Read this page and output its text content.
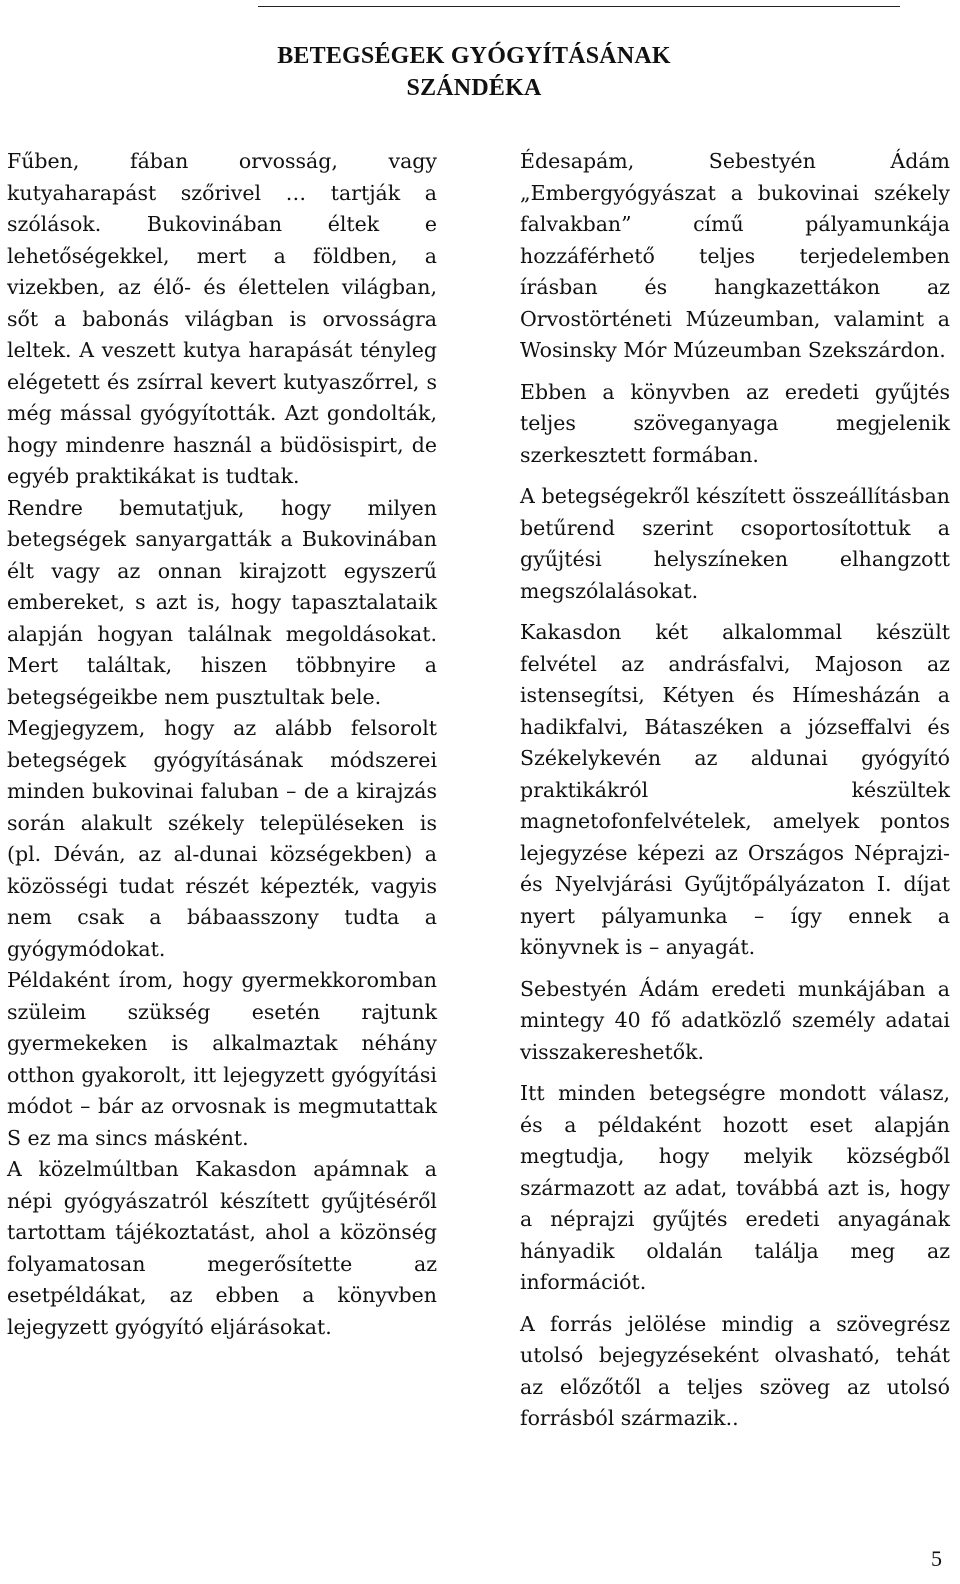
BETEGSÉGEK GYÓGYÍTÁSÁNAK
SZÁNDÉKA

Fűben, fában orvosság, vagy kutyaharapást szőrivel … tartják a szólások. Bukovinában éltek e lehetőségekkel, mert a földben, a vizekben, az élő- és élettelen világban, sőt a babonás világban is orvosságra leltek. A veszett kutya harapását tényleg elégetett és zsírral kevert kutyaszőrrel, s még mással gyógyították. Azt gondolták, hogy mindenre használ a büdösispirt, de egyéb praktikákat is tudtak.

Rendre bemutatjuk, hogy milyen betegségek sanyargatták a Bukovinában élt vagy az onnan kirajzott egyszerű embereket, s azt is, hogy tapasztalataik alapján hogyan találnak megoldásokat. Mert találtak, hiszen többnyire a betegségeikbe nem pusztultak bele.

Megjegyzem, hogy az alább felsorolt betegségek gyógyításának módszerei minden bukovinai faluban – de a kirajzás során alakult székely településeken is (pl. Déván, az al-dunai községekben) a közösségi tudat részét képezték, vagyis nem csak a bábaasszony tudta a gyógymódokat.

Példaként írom, hogy gyermekkoromban szüleim szükség esetén rajtunk gyermekeken is alkalmaztak néhány otthon gyakorolt, itt lejegyzett gyógyítási módot – bár az orvosnak is megmutattak S ez ma sincs másként.

A közelmúltban Kakasdon apámnak a népi gyógyászatról készített gyűjtéséről tartottam tájékoztatást, ahol a közönség folyamatosan megerősítette az esetpéldákat, az ebben a könyvben lejegyzett gyógyító eljárásokat.

Édesapám, Sebestyén Ádám „Embergyógyászat a bukovinai székely falvakban” című pályamunkája hozzáférhető teljes terjedelemben írásban és hangkazettákon az Orvostörténeti Múzeumban, valamint a Wosinsky Mór Múzeumban Szekszárdon.

Ebben a könyvben az eredeti gyűjtés teljes szöveganyaga megjelenik szerkesztett formában.

A betegségekről készített összeállításban betűrend szerint csoportosítottuk a gyűjtési helyszíneken elhangzott megszólalásokat.

Kakasdon két alkalommal készült felvétel az andrásfalvi, Majoson az istensegítsi, Kétyen és Hímesházán a hadikfalvi, Bátaszéken a józseffalvi és Székelykevén az aldunai gyógyító praktikákról készültek magnetofonfelvételek, amelyek pontos lejegyzése képezi az Országos Néprajzi- és Nyelvjárási Gyűjtőpályázaton I. díjat nyert pályamunka – így ennek a könyvnek is – anyagát.

Sebestyén Ádám eredeti munkájában a mintegy 40 fő adatközlő személy adatai visszakereshetők.

Itt minden betegségre mondott válasz, és a példaként hozott eset alapján megtudja, hogy melyik községből származott az adat, továbbá azt is, hogy a néprajzi gyűjtés eredeti anyagának hányadik oldalán találja meg az információt.

A forrás jelölése mindig a szövegrész utolsó bejegyzéseként olvasható, tehát az előzőtől a teljes szöveg az utolsó forrásból származik..

5
